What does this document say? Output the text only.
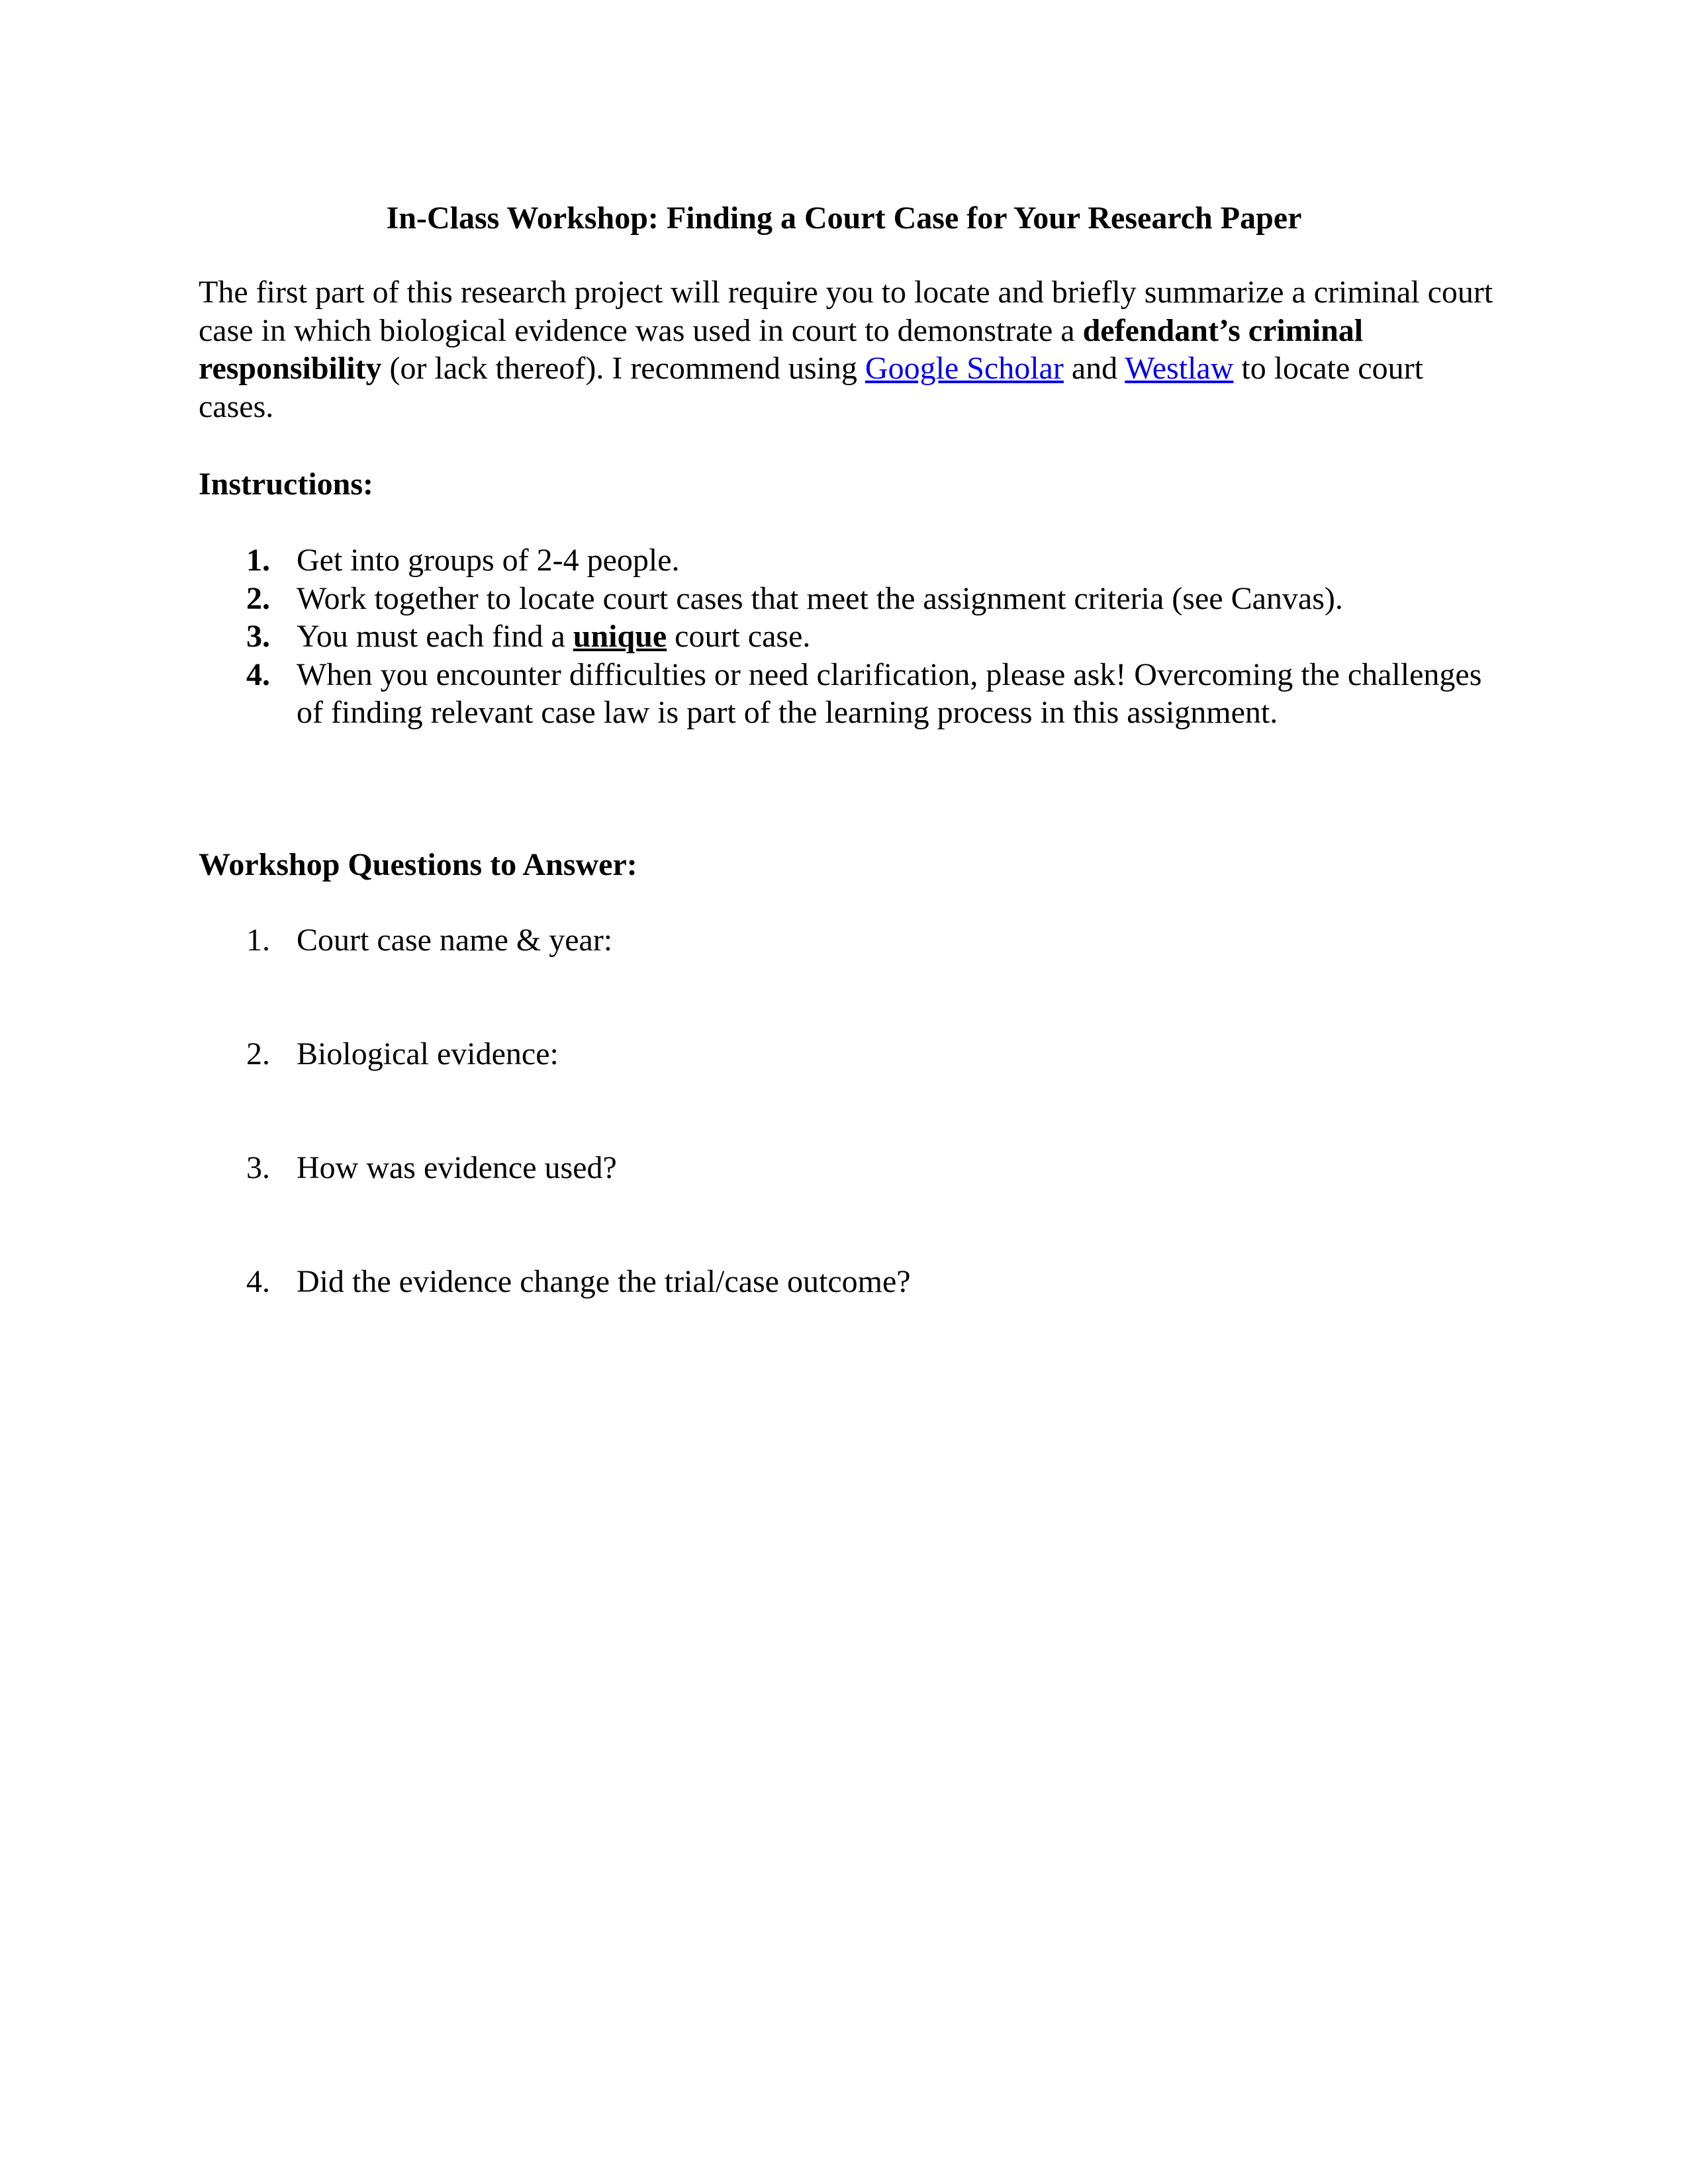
In-Class Workshop: Finding a Court Case for Your Research Paper

The first part of this research project will require you to locate and briefly summarize a criminal court case in which biological evidence was used in court to demonstrate a defendant’s criminal responsibility (or lack thereof). I recommend using Google Scholar and Westlaw to locate court cases.

Instructions:
1. Get into groups of 2-4 people.
2. Work together to locate court cases that meet the assignment criteria (see Canvas).
3. You must each find a unique court case.
4. When you encounter difficulties or need clarification, please ask! Overcoming the challenges of finding relevant case law is part of the learning process in this assignment.
Workshop Questions to Answer:
1. Court case name & year:
2. Biological evidence:
3. How was evidence used?
4. Did the evidence change the trial/case outcome?
